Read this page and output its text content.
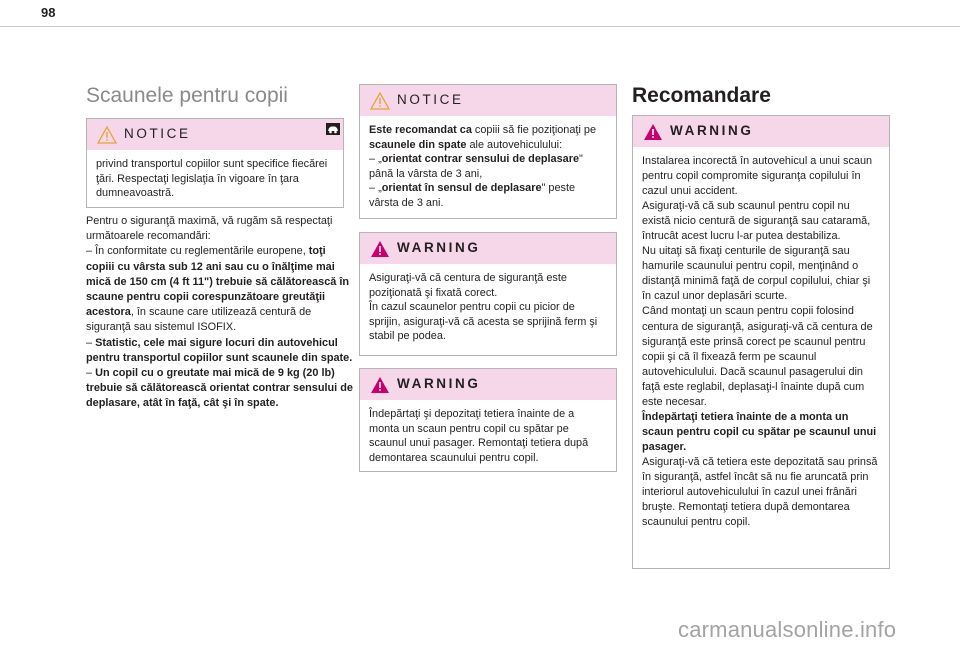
98
Scaunele pentru copii
NOTICE
privind transportul copiilor sunt specifice fiecărei ţări. Respectaţi legislaţia în vigoare în ţara dumneavoastră.

Pentru o siguranţă maximă, vă rugăm să respectaţi următoarele recomandări:

– În conformitate cu reglementările europene, toţi copiii cu vârsta sub 12 ani sau cu o înălţime mai mică de 150 cm (4 ft 11") trebuie să călătorească în scaune pentru copii corespunzătoare greutăţii acestora, în scaune care utilizează centură de siguranţă sau sistemul ISOFIX.

– Statistic, cele mai sigure locuri din autovehicul pentru transportul copiilor sunt scaunele din spate.

– Un copil cu o greutate mai mică de 9 kg (20 lb) trebuie să călătorească orientat contrar sensului de deplasare, atât în faţă, cât şi în spate.

NOTICE
Este recomandat ca copiii să fie poziţionaţi pe scaunele din spate ale autovehiculului:
– „orientat contrar sensului de deplasare" până la vârsta de 3 ani,
– „orientat în sensul de deplasare" peste vârsta de 3 ani.
WARNING
Asiguraţi-vă că centura de siguranţă este poziţionată şi fixată corect.
În cazul scaunelor pentru copii cu picior de sprijin, asiguraţi-vă că acesta se sprijină ferm şi stabil pe podea.
WARNING
Îndepărtaţi şi depozitaţi tetiera înainte de a monta un scaun pentru copil cu spătar pe scaunul unui pasager. Remontaţi tetiera după demontarea scaunului pentru copil.
Recomandare
WARNING
Instalarea incorectă în autovehicul a unui scaun pentru copil compromite siguranţa copilului în cazul unui accident.
Asiguraţi-vă că sub scaunul pentru copil nu există nicio centură de siguranţă sau cataramă, întrucât acest lucru l-ar putea destabiliza.
Nu uitaţi să fixaţi centurile de siguranţă sau hamurile scaunului pentru copil, menţinând o distanţă minimă faţă de corpul copilului, chiar şi în cazul unor deplasări scurte.
Când montaţi un scaun pentru copii folosind centura de siguranţă, asiguraţi-vă că centura de siguranţă este prinsă corect pe scaunul pentru copii şi că îl fixează ferm pe scaunul autovehiculului. Dacă scaunul pasagerului din faţă este reglabil, deplasaţi-l înainte după cum este necesar.
Îndepărtaţi tetiera înainte de a monta un scaun pentru copil cu spătar pe scaunul unui pasager.
Asiguraţi-vă că tetiera este depozitată sau prinsă în siguranţă, astfel încât să nu fie aruncată prin interiorul autovehiculului în cazul unei frânări bruşte. Remontaţi tetiera după demontarea scaunului pentru copil.
carmanualsonline.info
